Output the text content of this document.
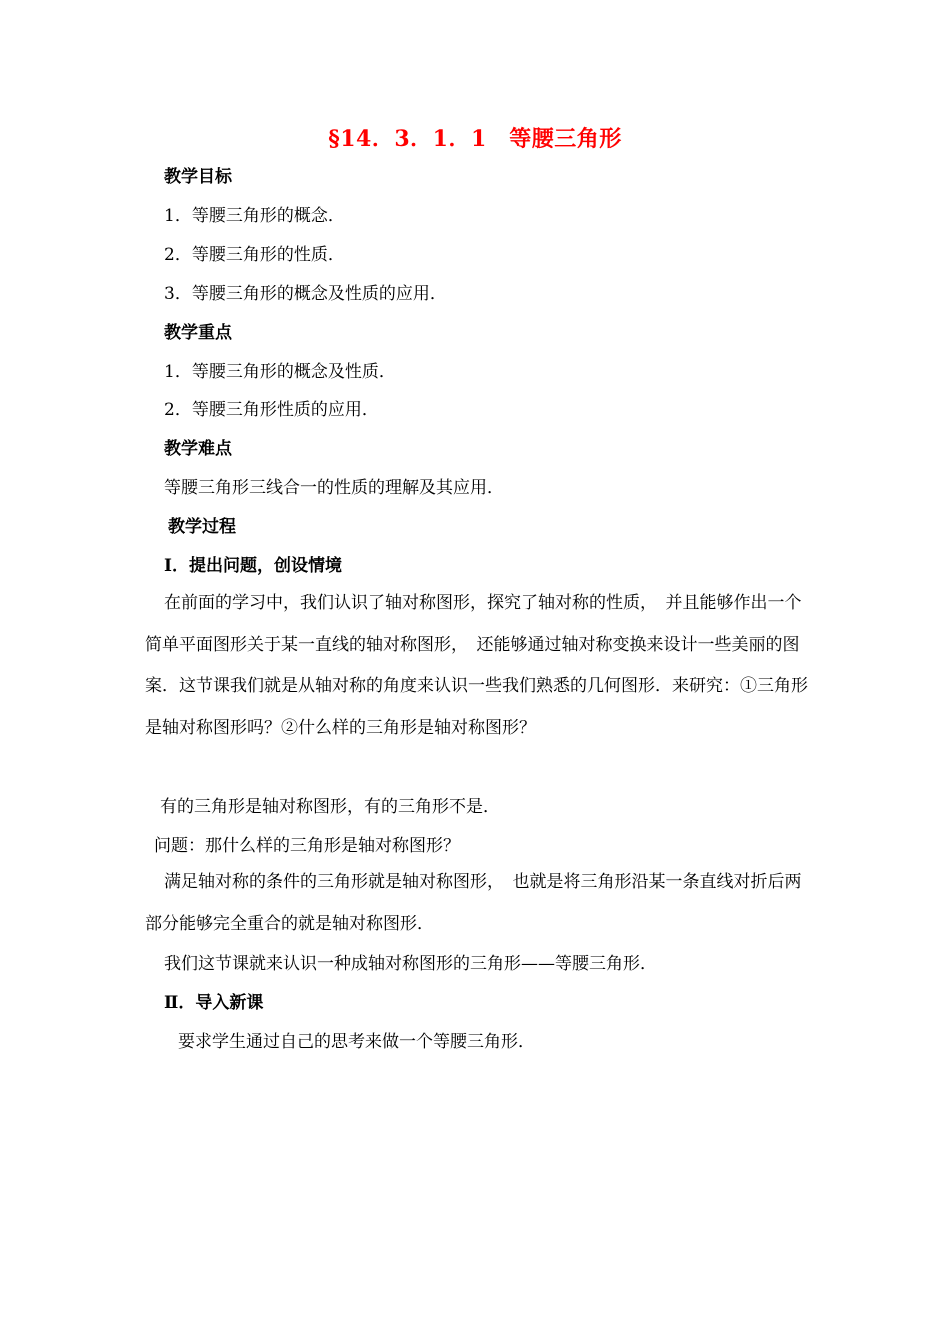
§14．3．1．1　等腰三角形
教学目标
1．等腰三角形的概念．
2．等腰三角形的性质．
3．等腰三角形的概念及性质的应用．
教学重点
1．等腰三角形的概念及性质．
2．等腰三角形性质的应用．
教学难点
等腰三角形三线合一的性质的理解及其应用．
教学过程
Ⅰ．提出问题，创设情境
在前面的学习中，我们认识了轴对称图形，探究了轴对称的性质，　并且能够作出一个简单平面图形关于某一直线的轴对称图形，　还能够通过轴对称变换来设计一些美丽的图案．这节课我们就是从轴对称的角度来认识一些我们熟悉的几何图形．来研究：①三角形是轴对称图形吗？②什么样的三角形是轴对称图形？
有的三角形是轴对称图形，有的三角形不是．
问题：那什么样的三角形是轴对称图形？
满足轴对称的条件的三角形就是轴对称图形，　也就是将三角形沿某一条直线对折后两部分能够完全重合的就是轴对称图形．
我们这节课就来认识一种成轴对称图形的三角形——等腰三角形．
Ⅱ．导入新课
要求学生通过自己的思考来做一个等腰三角形．
